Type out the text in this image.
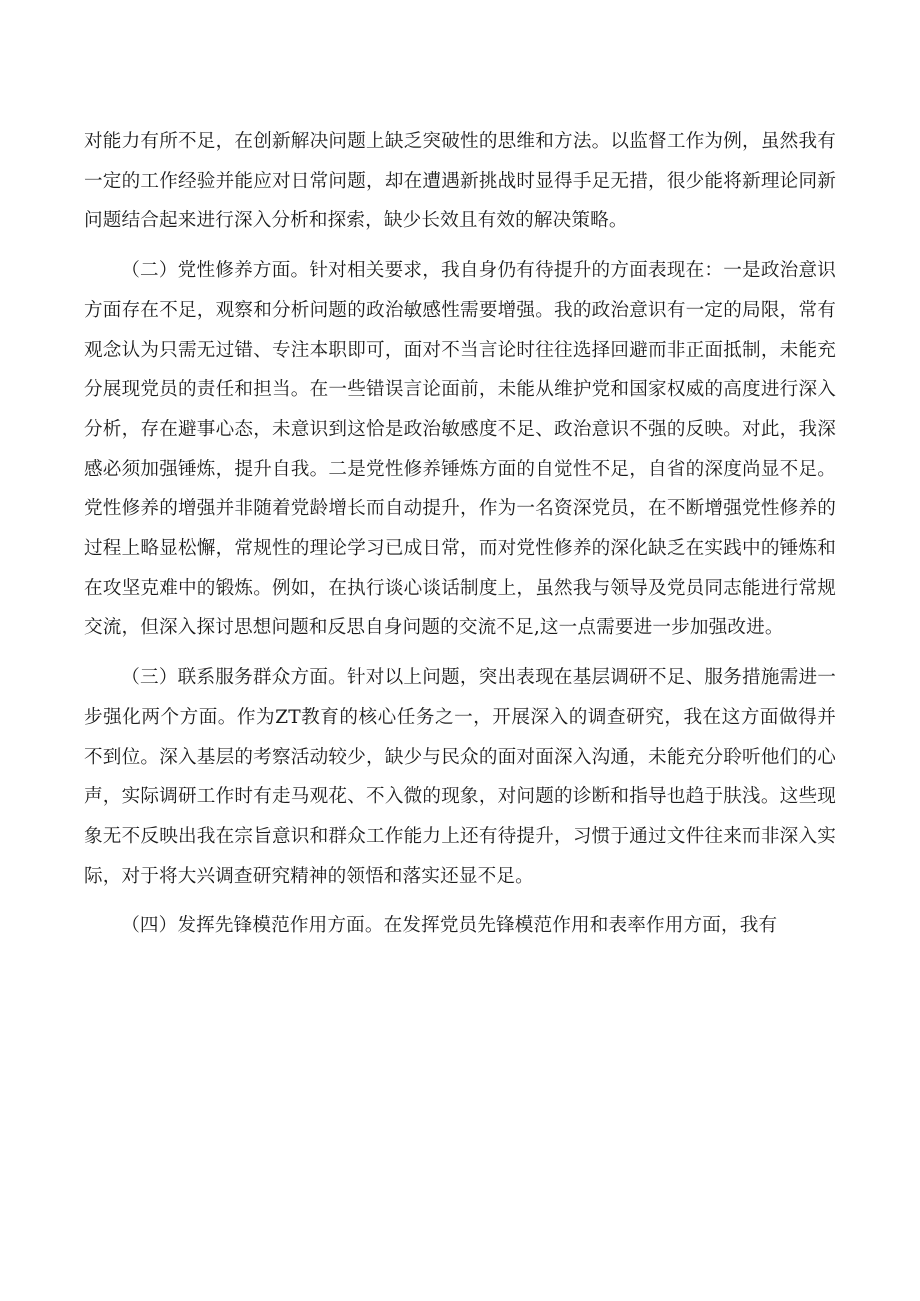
对能力有所不足，在创新解决问题上缺乏突破性的思维和方法。以监督工作为例，虽然我有一定的工作经验并能应对日常问题，却在遭遇新挑战时显得手足无措，很少能将新理论同新问题结合起来进行深入分析和探索，缺少长效且有效的解决策略。

（二）党性修养方面。针对相关要求，我自身仍有待提升的方面表现在：一是政治意识方面存在不足，观察和分析问题的政治敏感性需要增强。我的政治意识有一定的局限，常有观念认为只需无过错、专注本职即可，面对不当言论时往往选择回避而非正面抵制，未能充分展现党员的责任和担当。在一些错误言论面前，未能从维护党和国家权威的高度进行深入分析，存在避事心态，未意识到这恰是政治敏感度不足、政治意识不强的反映。对此，我深感必须加强锤炼，提升自我。二是党性修养锤炼方面的自觉性不足，自省的深度尚显不足。党性修养的增强并非随着党龄增长而自动提升，作为一名资深党员，在不断增强党性修养的过程上略显松懈，常规性的理论学习已成日常，而对党性修养的深化缺乏在实践中的锤炼和在攻坚克难中的锻炼。例如，在执行谈心谈话制度上，虽然我与领导及党员同志能进行常规交流，但深入探讨思想问题和反思自身问题的交流不足,这一点需要进一步加强改进。

（三）联系服务群众方面。针对以上问题，突出表现在基层调研不足、服务措施需进一步强化两个方面。作为ZT教育的核心任务之一，开展深入的调查研究，我在这方面做得并不到位。深入基层的考察活动较少，缺少与民众的面对面深入沟通，未能充分聆听他们的心声，实际调研工作时有走马观花、不入微的现象，对问题的诊断和指导也趋于肤浅。这些现象无不反映出我在宗旨意识和群众工作能力上还有待提升，习惯于通过文件往来而非深入实际，对于将大兴调查研究精神的领悟和落实还显不足。

（四）发挥先锋模范作用方面。在发挥党员先锋模范作用和表率作用方面，我有
